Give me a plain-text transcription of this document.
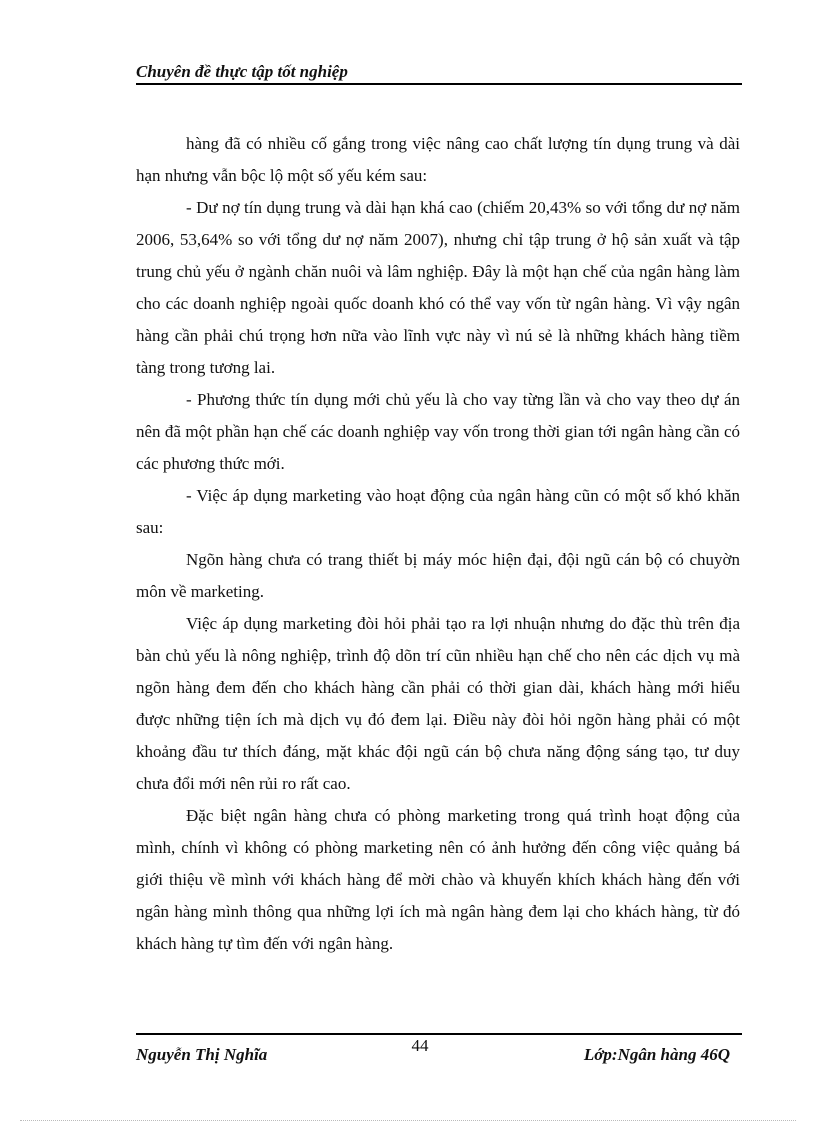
Chuyên đề thực tập tốt nghiệp

hàng đã có nhiều cố gắng trong việc nâng cao chất lượng tín dụng trung và dài hạn nhưng vẫn bộc lộ một số yếu kém sau:

- Dư nợ tín dụng trung và dài hạn khá cao (chiếm 20,43% so với tổng dư nợ năm 2006, 53,64% so với tổng dư nợ năm 2007), nhưng chỉ tập trung ở hộ sản xuất và tập trung chủ yếu ở ngành chăn nuôi và lâm nghiệp. Đây là một hạn chế của ngân hàng làm cho các doanh nghiệp ngoài quốc doanh khó có thể vay vốn từ ngân hàng. Vì vậy ngân hàng cần phải chú trọng hơn nữa vào lĩnh vực này vì nú sẻ là những khách hàng tiềm tàng trong tương lai.

- Phương thức tín dụng mới chủ yếu là cho vay từng lần và cho vay theo dự án nên đã một phần hạn chế các doanh nghiệp vay vốn trong thời gian tới ngân hàng cần có các phương thức mới.

- Việc áp dụng marketing vào hoạt động của ngân hàng cũn có một số khó khăn sau:

Ngõn hàng chưa có trang thiết bị máy móc hiện đại, đội ngũ cán bộ có chuyờn môn về marketing.

Việc áp dụng marketing đòi hỏi phải tạo ra lợi nhuận nhưng do đặc thù trên địa bàn chủ yếu là nông nghiệp, trình độ dõn trí cũn nhiều hạn chế cho nên các dịch vụ mà ngõn hàng đem đến cho khách hàng cần phải có thời gian dài, khách hàng mới hiểu được những tiện ích mà dịch vụ đó đem lại. Điều này đòi hỏi ngõn hàng phải có một khoảng đầu tư thích đáng, mặt khác đội ngũ cán bộ chưa năng động sáng tạo, tư duy chưa đổi mới nên rủi ro rất cao.

Đặc biệt ngân hàng chưa có phòng marketing trong quá trình hoạt động của mình, chính vì không có phòng marketing nên có ảnh hưởng đến công việc quảng bá giới thiệu về mình với khách hàng để mời chào và khuyến khích khách hàng đến với ngân hàng mình thông qua những lợi ích mà ngân hàng đem lại cho khách hàng, từ đó khách hàng tự tìm đến với ngân hàng.

Nguyễn Thị Nghĩa	44	Lớp:Ngân hàng 46Q
